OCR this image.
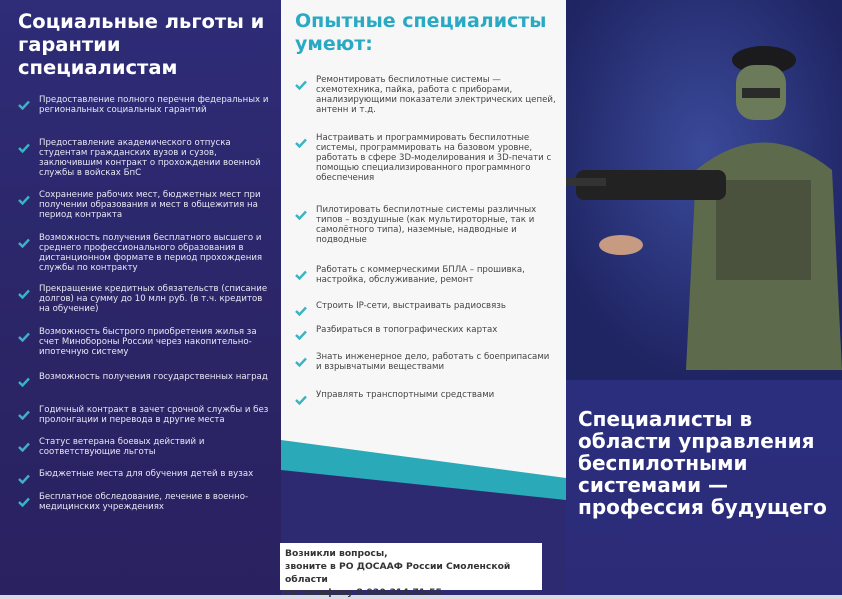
Социальные льготы и гарантии специалистам
Предоставление полного перечня федеральных и региональных социальных гарантий
Предоставление академического отпуска студентам гражданских вузов и сузов, заключившим контракт о прохождении военной службы в войсках БпС
Сохранение рабочих мест, бюджетных мест при получении образования и мест в общежития на период контракта
Возможность получения бесплатного высшего и среднего профессионального образования в дистанционном формате в период прохождения службы по контракту
Прекращение кредитных обязательств (списание долгов) на сумму до 10 млн руб. (в т.ч. кредитов на обучение)
Возможность быстрого приобретения жилья за счет Минобороны России через накопительно-ипотечную систему
Возможность получения государственных наград
Годичный контракт в зачет срочной службы и без пролонгации и перевода в другие места
Статус ветерана боевых действий и соответствующие льготы
Бюджетные места для обучения детей в вузах
Бесплатное обследование, лечение в военно-медицинских учреждениях
Опытные специалисты умеют:
Ремонтировать беспилотные системы — схемотехника, пайка, работа с приборами, анализирующими показатели электрических цепей, антенн и т.д.
Настраивать и программировать беспилотные системы, программировать на базовом уровне, работать в сфере 3D-моделирования и 3D-печати с помощью специализированного программного обеспечения
Пилотировать беспилотные системы различных типов – воздушные (как мультироторные, так и самолётного типа), наземные, надводные и подводные
Работать с коммерческими БПЛА – прошивка, настройка, обслуживание, ремонт
Строить IP-сети, выстраивать радиосвязь
Разбираться в топографических картах
Знать инженерное дело, работать с боеприпасами и взрывчатыми веществами
Управлять транспортными средствами
Специалисты в области управления беспилотными системами — профессия будущего
Возникли вопросы,
звоните в РО ДОСААФ России Смоленской области
по телефону 8-920-314-71-55
